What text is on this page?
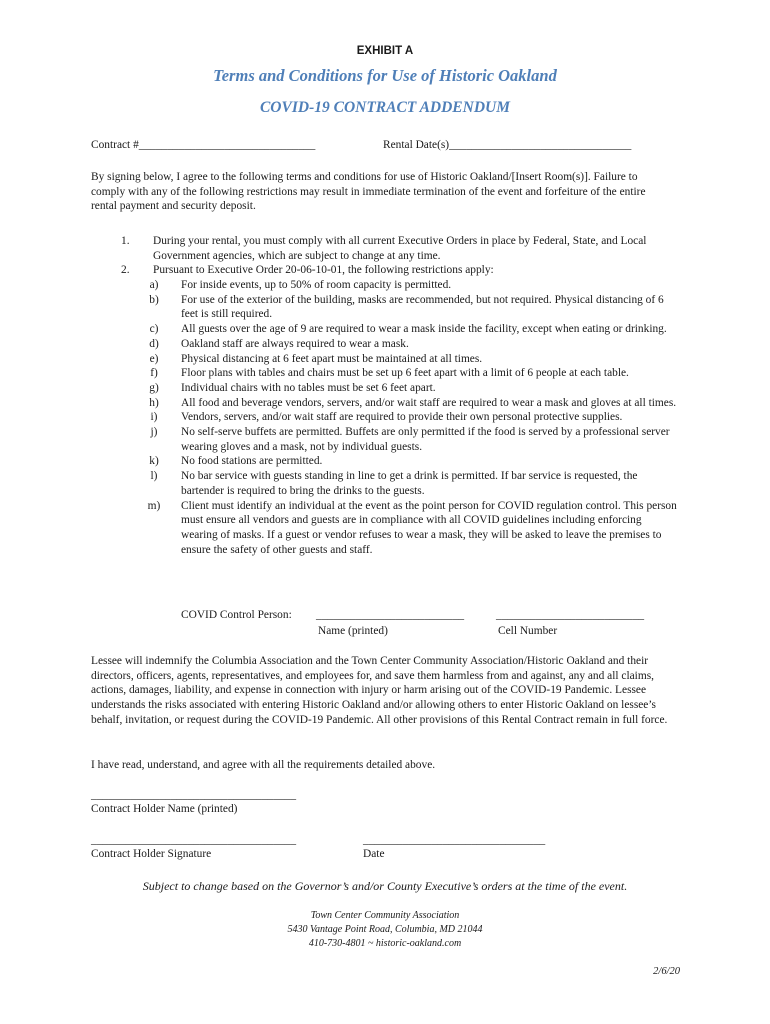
EXHIBIT A
Terms and Conditions for Use of Historic Oakland
COVID-19 CONTRACT ADDENDUM
Contract #_______________________________	Rental Date(s)________________________________
By signing below, I agree to the following terms and conditions for use of Historic Oakland/[Insert Room(s)]. Failure to comply with any of the following restrictions may result in immediate termination of the event and forfeiture of the entire rental payment and security deposit.
1. During your rental, you must comply with all current Executive Orders in place by Federal, State, and Local Government agencies, which are subject to change at any time.
2. Pursuant to Executive Order 20-06-10-01, the following restrictions apply:
a)	For inside events, up to 50% of room capacity is permitted.
b)	For use of the exterior of the building, masks are recommended, but not required. Physical distancing of 6 feet is still required.
c)	All guests over the age of 9 are required to wear a mask inside the facility, except when eating or drinking.
d)	Oakland staff are always required to wear a mask.
e)	Physical distancing at 6 feet apart must be maintained at all times.
f)	Floor plans with tables and chairs must be set up 6 feet apart with a limit of 6 people at each table.
g)	Individual chairs with no tables must be set 6 feet apart.
h)	All food and beverage vendors, servers, and/or wait staff are required to wear a mask and gloves at all times.
i)	Vendors, servers, and/or wait staff are required to provide their own personal protective supplies.
j)	No self-serve buffets are permitted. Buffets are only permitted if the food is served by a professional server wearing gloves and a mask, not by individual guests.
k)	No food stations are permitted.
l)	No bar service with guests standing in line to get a drink is permitted. If bar service is requested, the bartender is required to bring the drinks to the guests.
m)	Client must identify an individual at the event as the point person for COVID regulation control. This person must ensure all vendors and guests are in compliance with all COVID guidelines including enforcing wearing of masks. If a guest or vendor refuses to wear a mask, they will be asked to leave the premises to ensure the safety of other guests and staff.
COVID Control Person: __________________________	__________________________
Name (printed)	Cell Number
Lessee will indemnify the Columbia Association and the Town Center Community Association/Historic Oakland and their directors, officers, agents, representatives, and employees for, and save them harmless from and against, any and all claims, actions, damages, liability, and expense in connection with injury or harm arising out of the COVID-19 Pandemic. Lessee understands the risks associated with entering Historic Oakland and/or allowing others to enter Historic Oakland on lessee’s behalf, invitation, or request during the COVID-19 Pandemic. All other provisions of this Rental Contract remain in full force.
I have read, understand, and agree with all the requirements detailed above.
____________________________________
Contract Holder Name (printed)
____________________________________
Contract Holder Signature
________________________________
Date
Subject to change based on the Governor’s and/or County Executive’s orders at the time of the event.
Town Center Community Association
5430 Vantage Point Road, Columbia, MD 21044
410-730-4801 ~ historic-oakland.com
2/6/20
